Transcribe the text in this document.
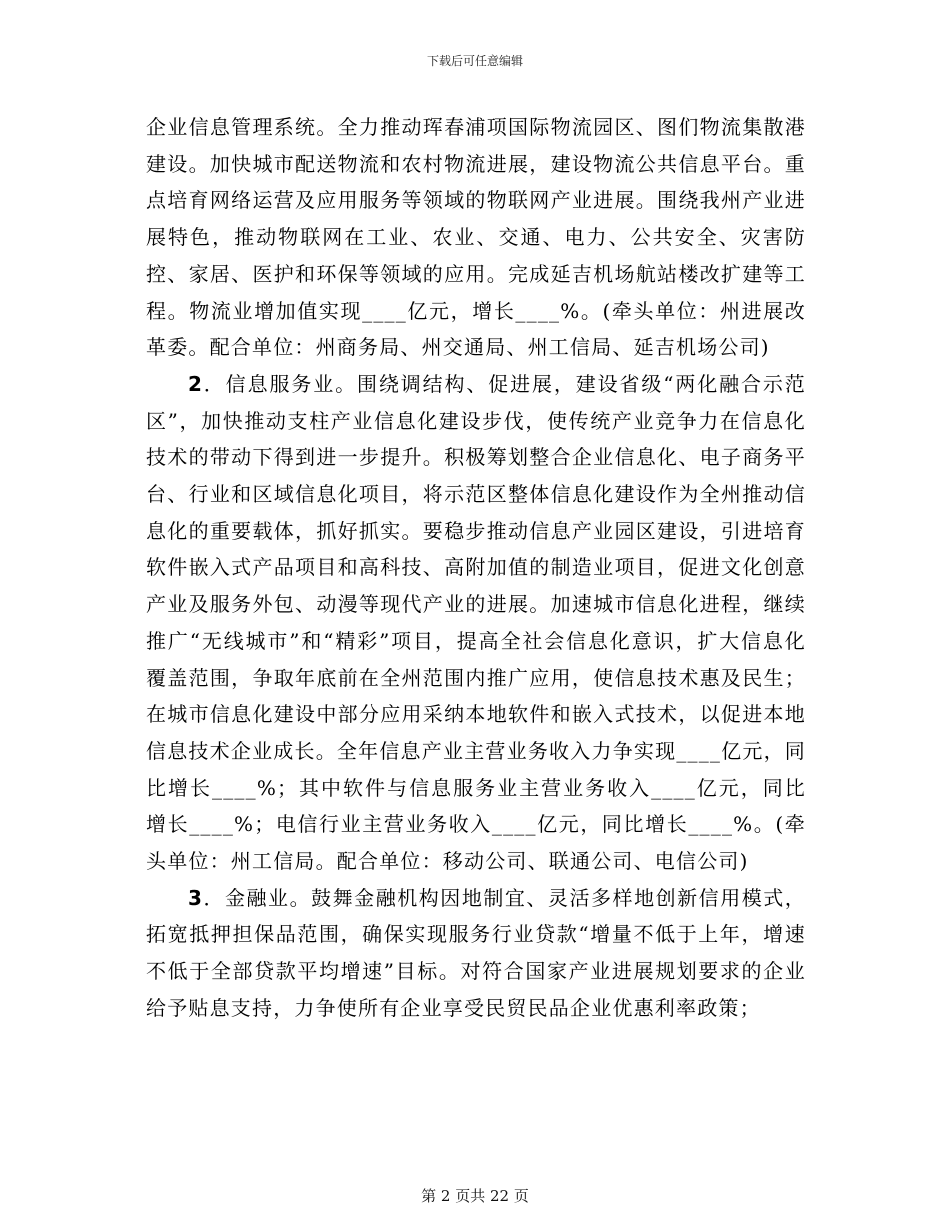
下载后可任意编辑

企业信息管理系统。全力推动珲春浦项国际物流园区、图们物流集散港建设。加快城市配送物流和农村物流进展，建设物流公共信息平台。重点培育网络运营及应用服务等领域的物联网产业进展。围绕我州产业进展特色，推动物联网在工业、农业、交通、电力、公共安全、灾害防控、家居、医护和环保等领域的应用。完成延吉机场航站楼改扩建等工程。物流业增加值实现____亿元，增长____%。(牵头单位：州进展改革委。配合单位：州商务局、州交通局、州工信局、延吉机场公司)

2．信息服务业。围绕调结构、促进展，建设省级“两化融合示范区”，加快推动支柱产业信息化建设步伐，使传统产业竞争力在信息化技术的带动下得到进一步提升。积极筹划整合企业信息化、电子商务平台、行业和区域信息化项目，将示范区整体信息化建设作为全州推动信息化的重要载体，抓好抓实。要稳步推动信息产业园区建设，引进培育软件嵌入式产品项目和高科技、高附加值的制造业项目，促进文化创意产业及服务外包、动漫等现代产业的进展。加速城市信息化进程，继续推广“无线城市”和“精彩”项目，提高全社会信息化意识，扩大信息化覆盖范围，争取年底前在全州范围内推广应用，使信息技术惠及民生；在城市信息化建设中部分应用采纳本地软件和嵌入式技术，以促进本地信息技术企业成长。全年信息产业主营业务收入力争实现____亿元，同比增长____%；其中软件与信息服务业主营业务收入____亿元，同比增长____%；电信行业主营业务收入____亿元，同比增长____%。(牵头单位：州工信局。配合单位：移动公司、联通公司、电信公司)

3．金融业。鼓舞金融机构因地制宜、灵活多样地创新信用模式，拓宽抵押担保品范围，确保实现服务行业贷款“增量不低于上年，增速不低于全部贷款平均增速”目标。对符合国家产业进展规划要求的企业给予贴息支持，力争使所有企业享受民贸民品企业优惠利率政策；

第 2 页共 22 页
